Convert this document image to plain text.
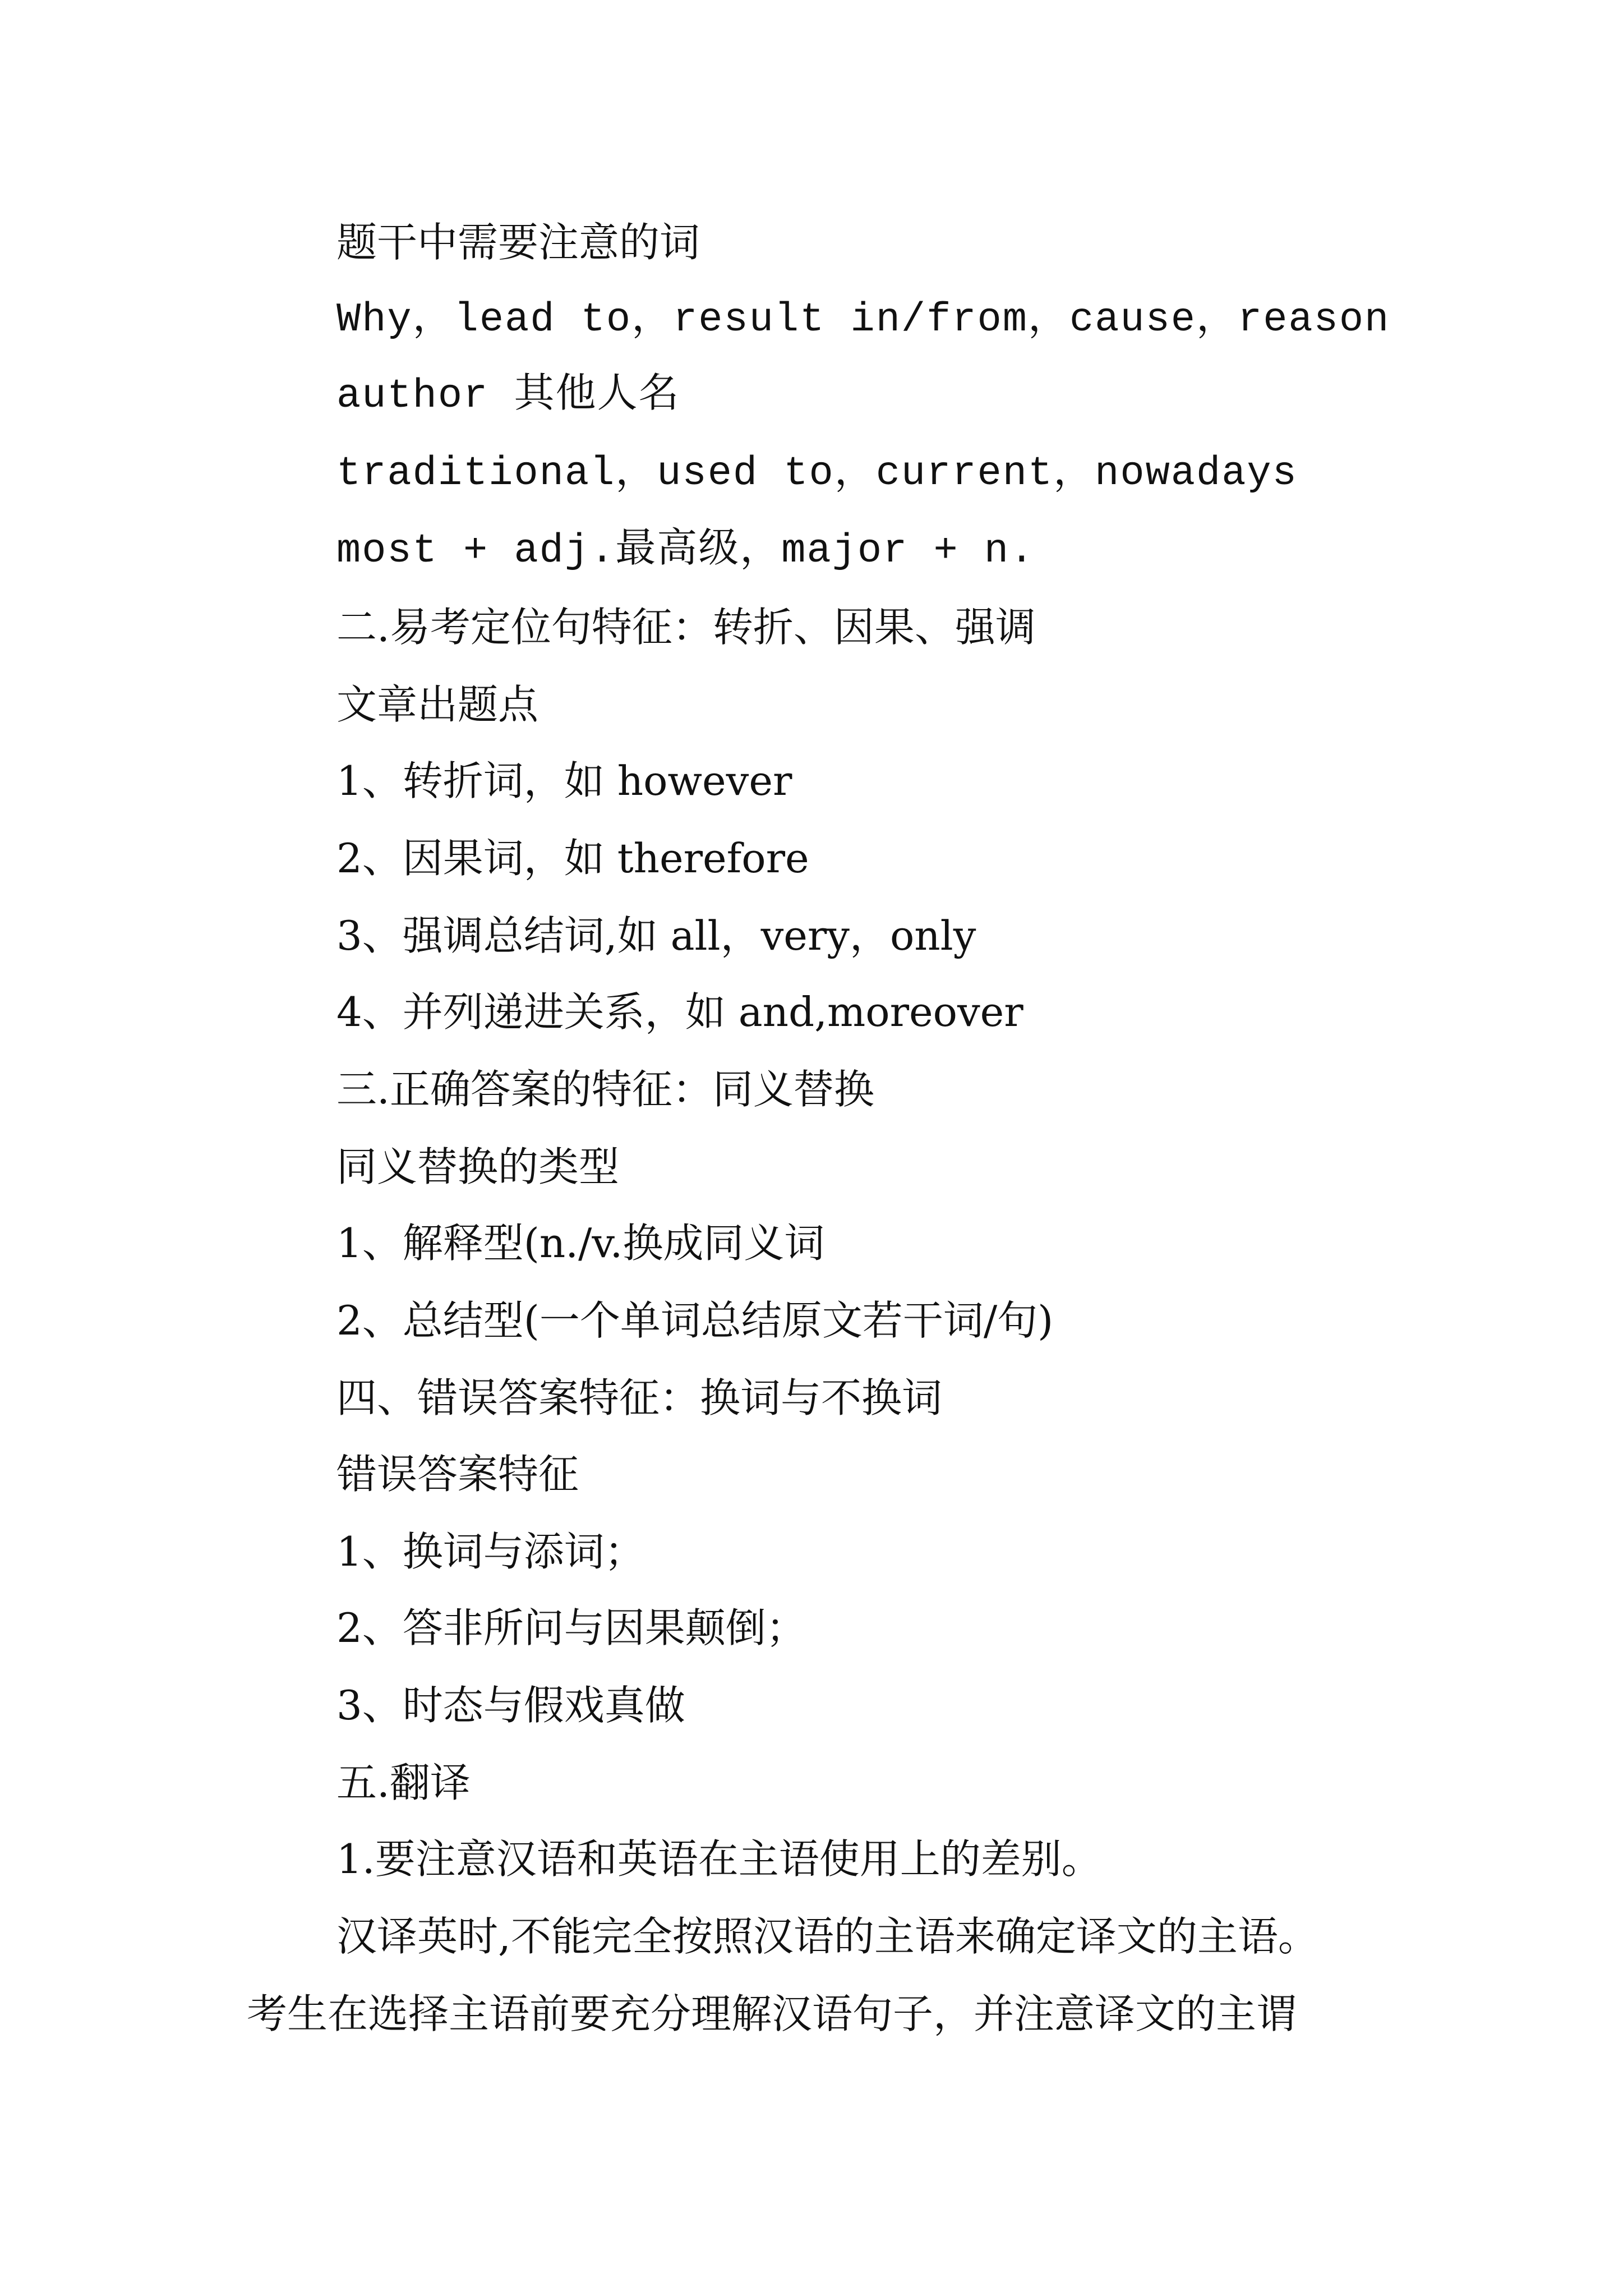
题干中需要注意的词

Why，lead to，result in/from，cause，reason

author 其他人名

traditional，used to，current，nowadays

most + adj.最高级，major + n.

二.易考定位句特征：转折、因果、强调

文章出题点

1、转折词，如 however

2、因果词，如 therefore

3、强调总结词,如 all，very，only

4、并列递进关系，如 and,moreover

三.正确答案的特征：同义替换

同义替换的类型

1、解释型(n./v.换成同义词

2、总结型(一个单词总结原文若干词/句)

四、错误答案特征：换词与不换词

错误答案特征

1、换词与添词；

2、答非所问与因果颠倒；

3、时态与假戏真做

五.翻译

1.要注意汉语和英语在主语使用上的差别。

汉译英时,不能完全按照汉语的主语来确定译文的主语。

考生在选择主语前要充分理解汉语句子，并注意译文的主谓
